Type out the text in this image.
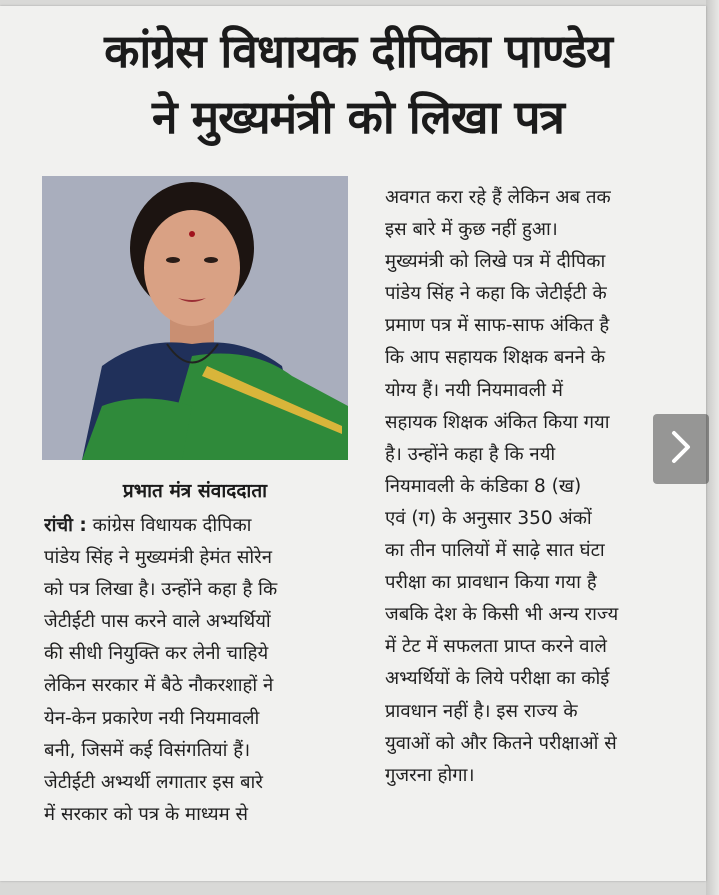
कांग्रेस विधायक दीपिका पाण्डेय
ने मुख्यमंत्री को लिखा पत्र
प्रभात मंत्र संवाददाता
रांची : कांग्रेस विधायक दीपिका
पांडेय सिंह ने मुख्यमंत्री हेमंत सोरेन
को पत्र लिखा है। उन्होंने कहा है कि
जेटीईटी पास करने वाले अभ्यर्थियों
की सीधी नियुक्ति कर लेनी चाहिये
लेकिन सरकार में बैठे नौकरशाहों ने
येन-केन प्रकारेण नयी नियमावली
बनी, जिसमें कई विसंगतियां हैं।
जेटीईटी अभ्यर्थी लगातार इस बारे
में सरकार को पत्र के माध्यम से
अवगत करा रहे हैं लेकिन अब तक
इस बारे में कुछ नहीं हुआ।
मुख्यमंत्री को लिखे पत्र में दीपिका
पांडेय सिंह ने कहा कि जेटीईटी के
प्रमाण पत्र में साफ-साफ अंकित है
कि आप सहायक शिक्षक बनने के
योग्य हैं। नयी नियमावली में
सहायक शिक्षक अंकित किया गया
है। उन्होंने कहा है कि नयी
नियमावली के कंडिका 8 (ख)
एवं (ग) के अनुसार 350 अंकों
का तीन पालियों में साढ़े सात घंटा
परीक्षा का प्रावधान किया गया है
जबकि देश के किसी भी अन्य राज्य
में टेट में सफलता प्राप्त करने वाले
अभ्यर्थियों के लिये परीक्षा का कोई
प्रावधान नहीं है। इस राज्य के
युवाओं को और कितने परीक्षाओं से
गुजरना होगा।
